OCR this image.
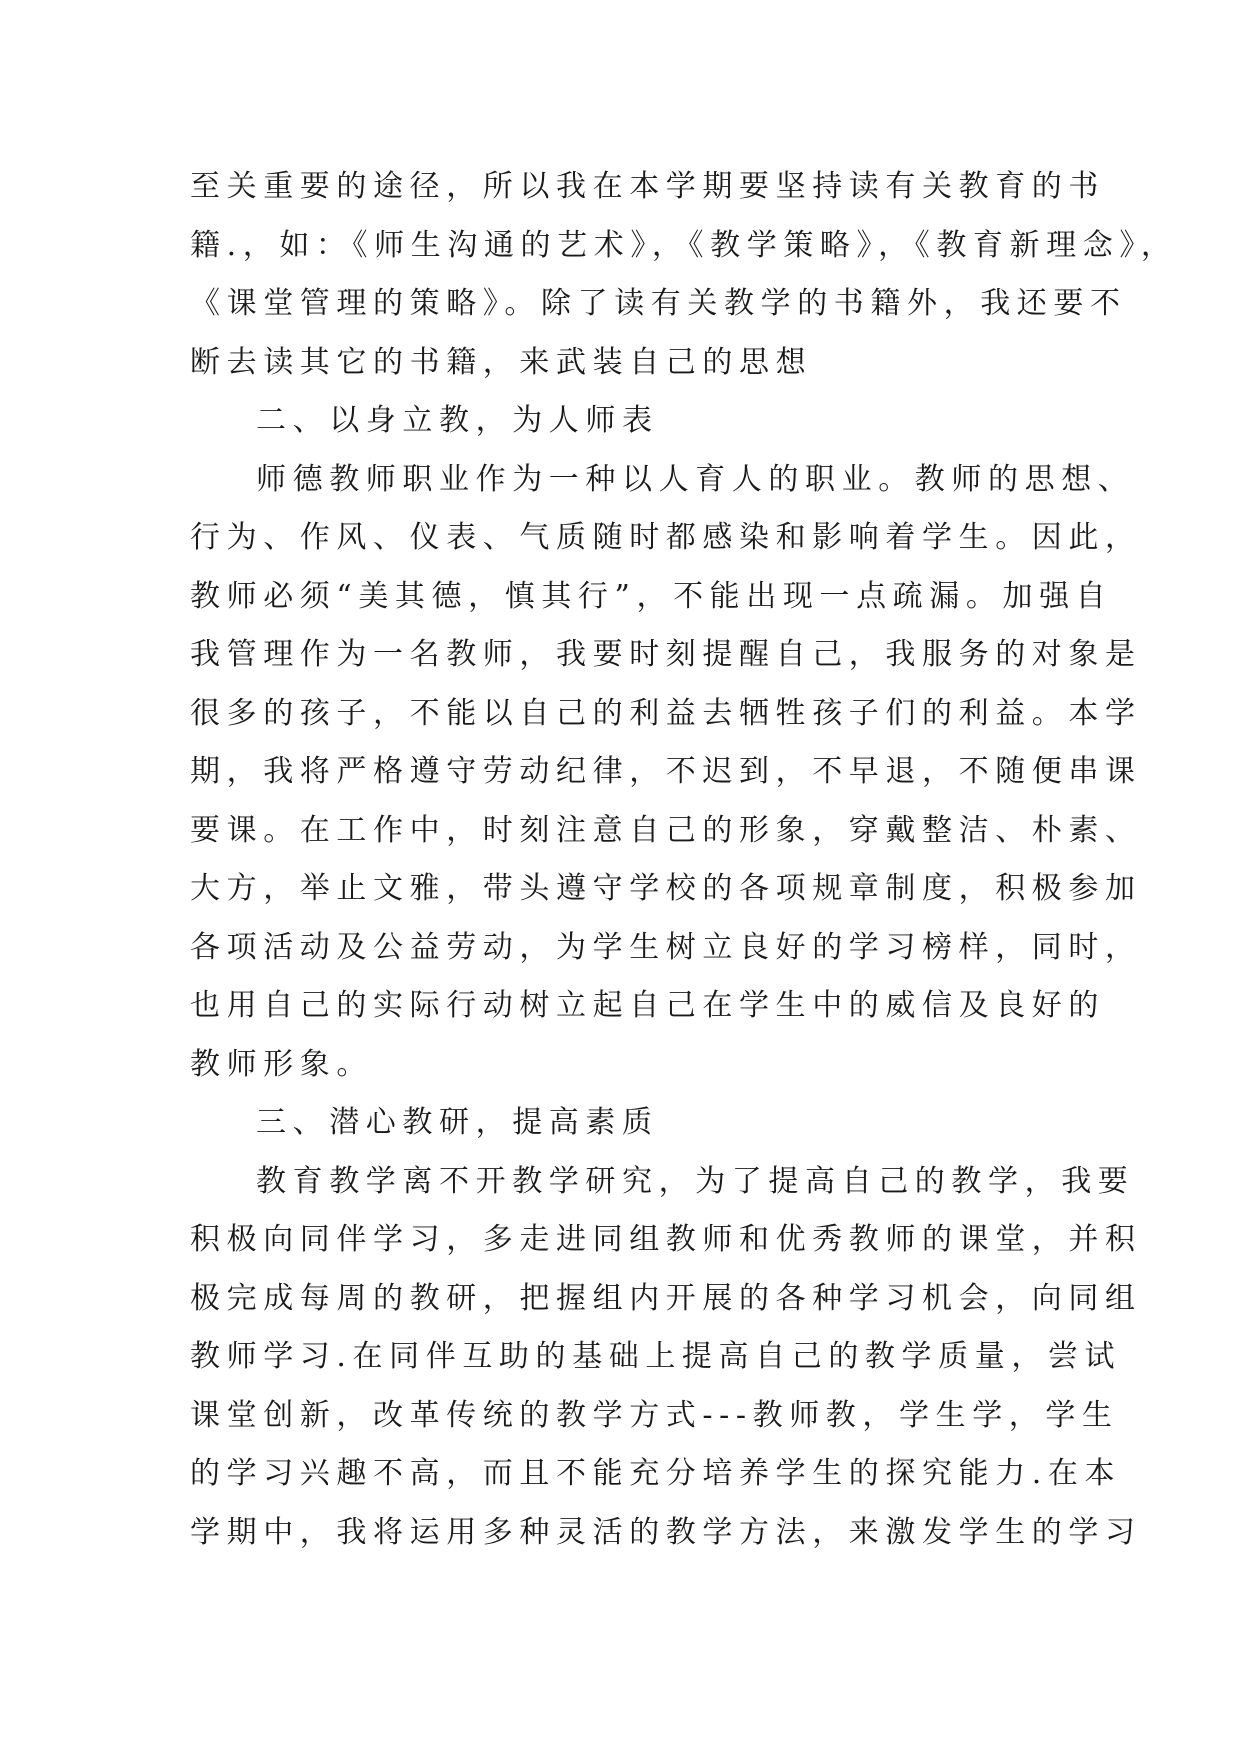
至关重要的途径，所以我在本学期要坚持读有关教育的书
籍.，如：《师生沟通的艺术》，《教学策略》，《教育新理念》，
《课堂管理的策略》。除了读有关教学的书籍外，我还要不
断去读其它的书籍，来武装自己的思想
二、以身立教，为人师表
师德教师职业作为一种以人育人的职业。教师的思想、
行为、作风、仪表、气质随时都感染和影响着学生。因此，
教师必须“美其德，慎其行”，不能出现一点疏漏。加强自
我管理作为一名教师，我要时刻提醒自己，我服务的对象是
很多的孩子，不能以自己的利益去牺牲孩子们的利益。本学
期，我将严格遵守劳动纪律，不迟到，不早退，不随便串课
要课。在工作中，时刻注意自己的形象，穿戴整洁、朴素、
大方，举止文雅，带头遵守学校的各项规章制度，积极参加
各项活动及公益劳动，为学生树立良好的学习榜样，同时，
也用自己的实际行动树立起自己在学生中的威信及良好的
教师形象。
三、潜心教研，提高素质
教育教学离不开教学研究，为了提高自己的教学，我要
积极向同伴学习，多走进同组教师和优秀教师的课堂，并积
极完成每周的教研，把握组内开展的各种学习机会，向同组
教师学习.在同伴互助的基础上提高自己的教学质量，尝试
课堂创新，改革传统的教学方式---教师教，学生学，学生
的学习兴趣不高，而且不能充分培养学生的探究能力.在本
学期中，我将运用多种灵活的教学方法，来激发学生的学习
